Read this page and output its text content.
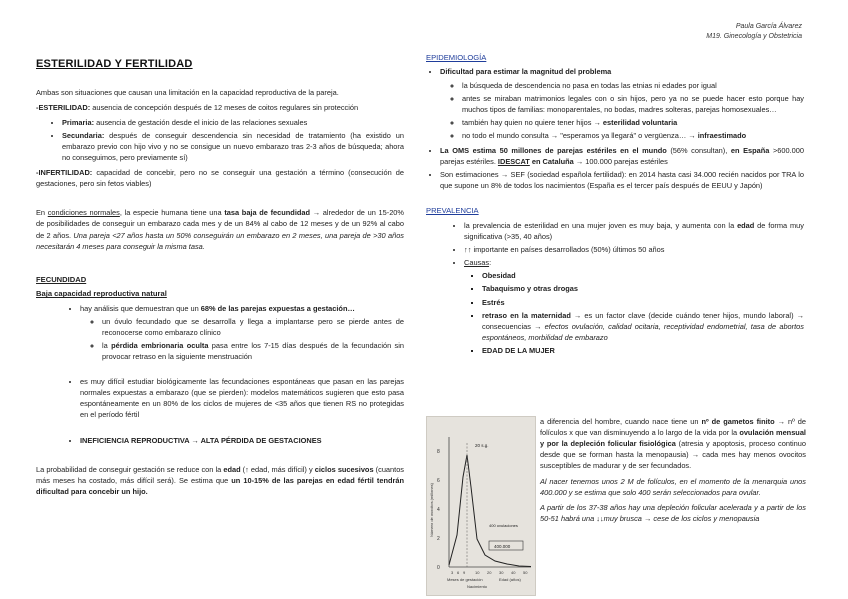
Paula García Álvarez
M19. Ginecología y Obstetricia
ESTERILIDAD Y FERTILIDAD

Ambas son situaciones que causan una limitación en la capacidad reproductiva de la pareja.

-ESTERILIDAD: ausencia de concepción después de 12 meses de coitos regulares sin protección

• Primaria: ausencia de gestación desde el inicio de las relaciones sexuales
• Secundaria: después de conseguir descendencia sin necesidad de tratamiento (ha existido un embarazo previo con hijo vivo y no se consigue un nuevo embarazo tras 2-3 años de búsqueda; ahora no conseguimos, pero previamente sí)

-INFERTILIDAD: capacidad de concebir, pero no se conseguir una gestación a término (consecución de gestaciones, pero sin fetos viables)

En condiciones normales, la especie humana tiene una tasa baja de fecundidad → alrededor de un 15-20% de posibilidades de conseguir un embarazo cada mes y de un 84% al cabo de 12 meses y de un 92% al cabo de 2 años. Una pareja <27 años hasta un 50% conseguirán un embarazo en 2 meses, una pareja de >30 años necesitarán 4 meses para conseguir la misma tasa.

FECUNDIDAD
Baja capacidad reproductiva natural
• hay análisis que demuestran que un 68% de las parejas expuestas a gestación…
◦ un óvulo fecundado que se desarrolla y llega a implantarse pero se pierde antes de reconocerse como embarazo clínico
◦ la pérdida embrionaria oculta pasa entre los 7-15 días después de la fecundación sin provocar retraso en la siguiente menstruación
• es muy difícil estudiar biológicamente las fecundaciones espontáneas que pasan en las parejas normales expuestas a embarazo (que se pierden): modelos matemáticos sugieren que esto pasa espontáneamente en un 80% de los ciclos de mujeres de <35 años que tienen RS no protegidas en el período fértil
• INEFICIENCIA REPRODUCTIVA → ALTA PÉRDIDA DE GESTACIONES

La probabilidad de conseguir gestación se reduce con la edad (↑ edad, más difícil) y ciclos sucesivos (cuantos más meses ha costado, más difícil será). Se estima que un 10-15% de las parejas en edad fértil tendrán dificultad para concebir un hijo.

EPIDEMIOLOGÍA
• Dificultad para estimar la magnitud del problema
◦ la búsqueda de descendencia no pasa en todas las etnias ni edades por igual
◦ antes se miraban matrimonios legales con o sin hijos, pero ya no se puede hacer esto porque hay muchos tipos de familias: monoparentales, no bodas, madres solteras, parejas homosexuales…
◦ también hay quien no quiere tener hijos → esterilidad voluntaria
◦ no todo el mundo consulta → "esperamos ya llegará" o vergüenza… → infraestimado
• La OMS estima 50 millones de parejas estériles en el mundo (56% consultan), en España >600.000 parejas estériles. IDESCAT en Cataluña → 100.000 parejas estériles
• Son estimaciones → SEF (sociedad española fertilidad): en 2014 hasta casi 34.000 recién nacidos por TRA lo que supone un 8% de todos los nacimientos (España es el tercer país después de EEUU y Japón)
PREVALENCIA
• la prevalencia de esterilidad en una mujer joven es muy baja, y aumenta con la edad de forma muy significativa (>35, 40 años)
• ↑↑ importante en países desarrollados (50%) últimos 50 años
• Causas:
▪ Obesidad
▪ Tabaquismo y otras drogas
▪ Estrés
▪ retraso en la maternidad → es un factor clave (decide cuándo tener hijos, mundo laboral) → consecuencias → efectos ovulación, calidad ocitaria, receptividad endometrial, tasa de abortos espontáneos, morbilidad de embarazo
▪ EDAD DE LA MUJER
8
6
4
2
0
Número de ovocitos (millones)
20 s.g.
400 ovulaciones
400.000
3 6 9 10 20 30 40 50
Meses de gestación	Edad (años)
Nacimiento

a diferencia del hombre, cuando nace tiene un nº de gametos finito → nº de folículos x que van disminuyendo a lo largo de la vida por la ovulación mensual y por la depleción folicular fisiológica (atresia y apoptosis, proceso continuo desde que se forman hasta la menopausia) → cada mes hay menos ovocitos susceptibles de madurar y de ser fecundados.

Al nacer tenemos unos 2 M de folículos, en el momento de la menarquia unos 400.000 y se estima que solo 400 serán seleccionados para ovular.

A partir de los 37-38 años hay una depleción folicular acelerada y a partir de los 50-51 habrá una ↓↓muy brusca → cese de los ciclos y menopausia
